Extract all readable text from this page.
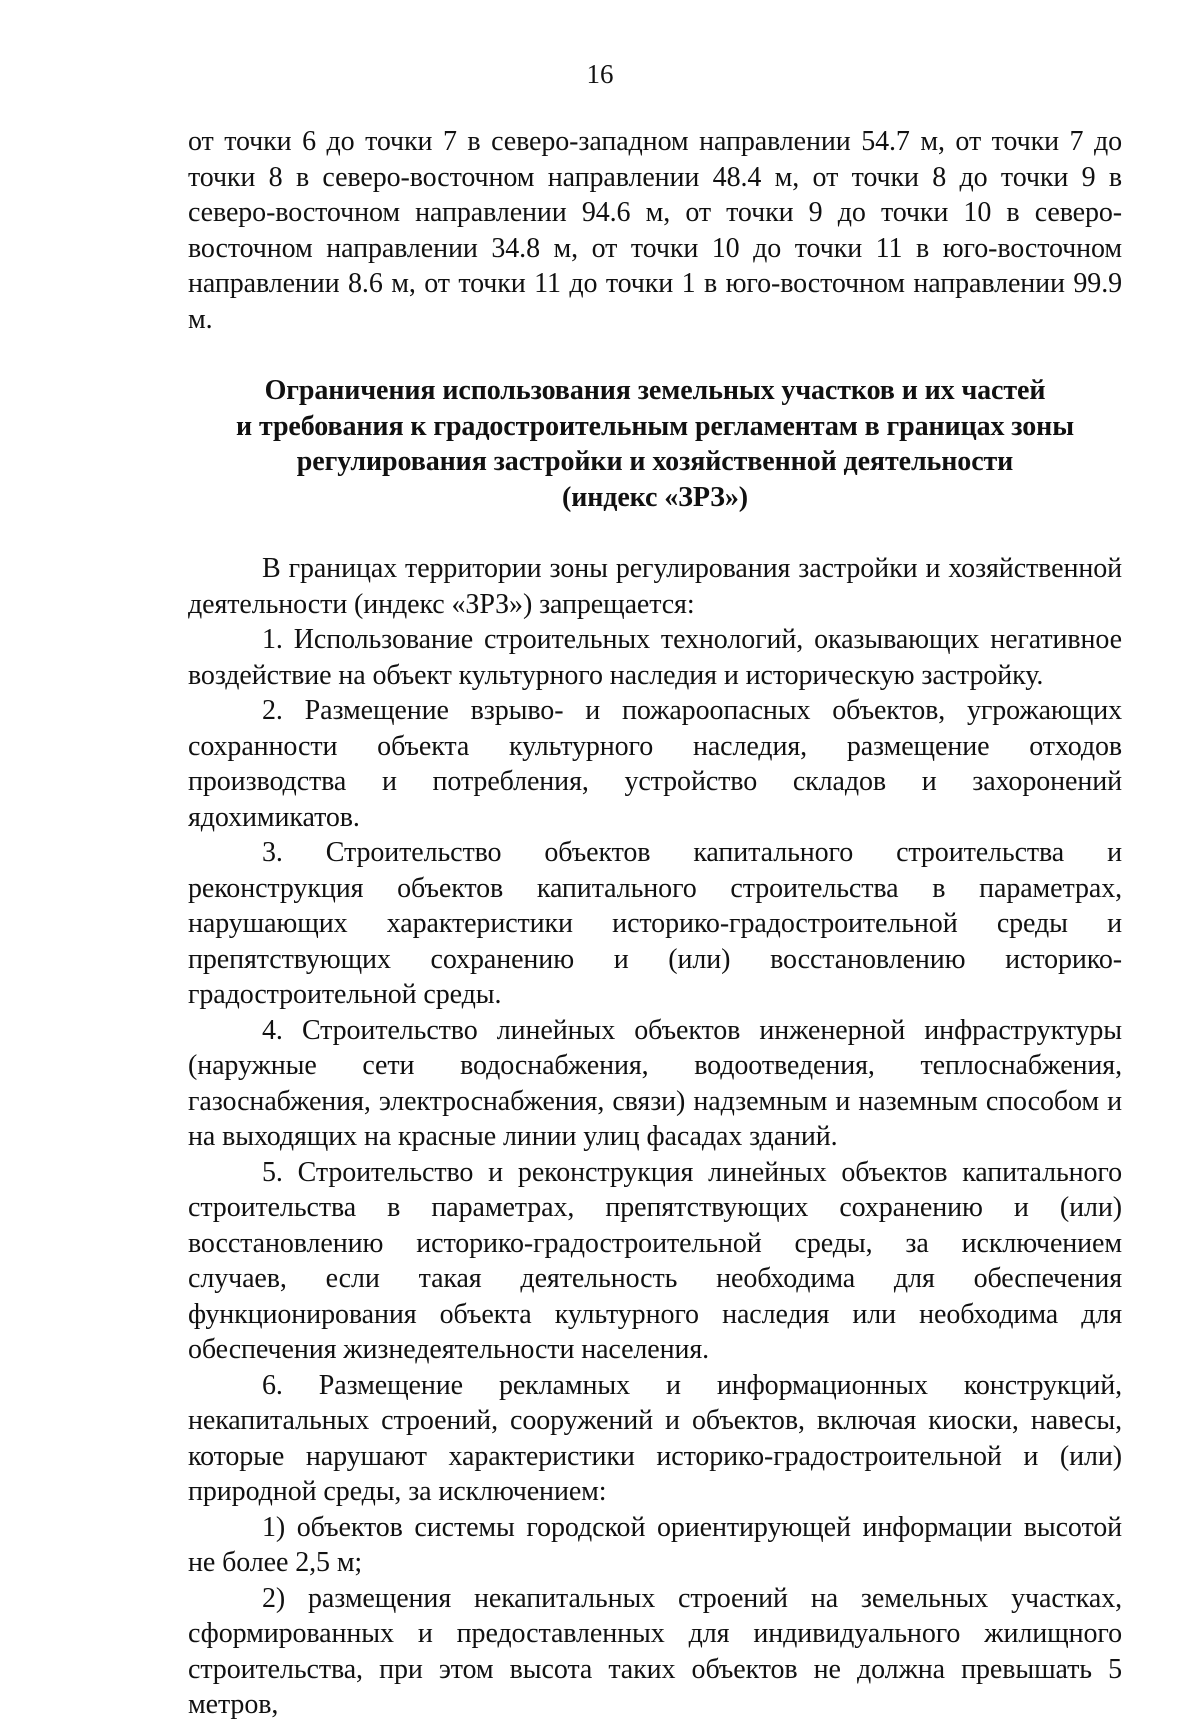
16

от точки 6 до точки 7 в северо-западном направлении 54.7 м, от точки 7 до точки 8 в северо-восточном направлении 48.4 м, от точки 8 до точки 9 в северо-восточном направлении 94.6 м, от точки 9 до точки 10 в северо-восточном направлении 34.8 м, от точки 10 до точки 11 в юго-восточном направлении 8.6 м, от точки 11 до точки 1 в юго-восточном направлении 99.9 м.

Ограничения использования земельных участков и их частей
и требования к градостроительным регламентам в границах зоны
регулирования застройки и хозяйственной деятельности
(индекс «ЗРЗ»)

В границах территории зоны регулирования застройки и хозяйственной деятельности (индекс «ЗРЗ») запрещается:

1. Использование строительных технологий, оказывающих негативное воздействие на объект культурного наследия и историческую застройку.

2. Размещение взрыво- и пожароопасных объектов, угрожающих сохранности объекта культурного наследия, размещение отходов производства и потребления, устройство складов и захоронений ядохимикатов.

3. Строительство объектов капитального строительства и реконструкция объектов капитального строительства в параметрах, нарушающих характеристики историко-градостроительной среды и препятствующих сохранению и (или) восстановлению историко-градостроительной среды.

4. Строительство линейных объектов инженерной инфраструктуры (наружные сети водоснабжения, водоотведения, теплоснабжения, газоснабжения, электроснабжения, связи) надземным и наземным способом и на выходящих на красные линии улиц фасадах зданий.

5. Строительство и реконструкция линейных объектов капитального строительства в параметрах, препятствующих сохранению и (или) восстановлению историко-градостроительной среды, за исключением случаев, если такая деятельность необходима для обеспечения функционирования объекта культурного наследия или необходима для обеспечения жизнедеятельности населения.

6. Размещение рекламных и информационных конструкций, некапитальных строений, сооружений и объектов, включая киоски, навесы, которые нарушают характеристики историко-градостроительной и (или) природной среды, за исключением:

1) объектов системы городской ориентирующей информации высотой не более 2,5 м;

2) размещения некапитальных строений на земельных участках, сформированных и предоставленных для индивидуального жилищного строительства, при этом высота таких объектов не должна превышать 5 метров,
